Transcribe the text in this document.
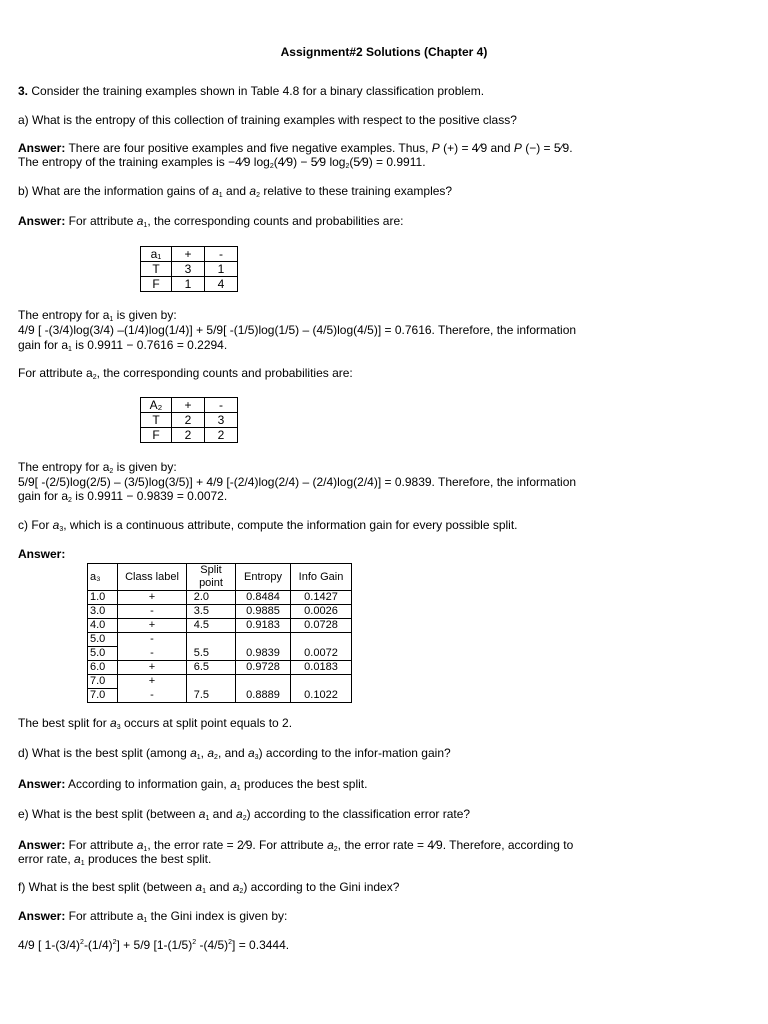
Assignment#2 Solutions (Chapter 4)
3. Consider the training examples shown in Table 4.8 for a binary classification problem.
a) What is the entropy of this collection of training examples with respect to the positive class?
Answer: There are four positive examples and five negative examples. Thus, P (+) = 4⁄9 and P (−) = 5⁄9.
The entropy of the training examples is −4⁄9 $\log_2(4⁄9)$ − 5⁄9 $\log_2(5⁄9) = 0.9911$.
b) What are the information gains of $a_1$ and $a_2$ relative to these training examples?
Answer: For attribute $a_1$, the corresponding counts and probabilities are:
a₁	+	-
T	3	1
F	1	4
The entropy for $a_1$ is given by:
4/9 [ -(3/4)log(3/4) –(1/4)log(1/4)] + 5/9[ -(1/5)log(1/5) – (4/5)log(4/5)] = 0.7616. Therefore, the information
gain for $a_1$ is 0.9911 − 0.7616 = 0.2294.
For attribute $a_2$, the corresponding counts and probabilities are:
A₂	+	-
T	2	3
F	2	2
The entropy for $a_2$ is given by:
5/9[ -(2/5)log(2/5) – (3/5)log(3/5)] + 4/9 [-(2/4)log(2/4) – (2/4)log(2/4)] = 0.9839. Therefore, the information
gain for $a_2$ is 0.9911 − 0.9839 = 0.0072.
c) For $a_3$, which is a continuous attribute, compute the information gain for every possible split.
Answer:
a₃	Class label	Split point	Entropy	Info Gain
1.0	+	2.0	0.8484	0.1427
3.0	-	3.5	0.9885	0.0026
4.0	+	4.5	0.9183	0.0728
5.0	-			
5.0	-	5.5	0.9839	0.0072
6.0	+	6.5	0.9728	0.0183
7.0	+			
7.0	-	7.5	0.8889	0.1022
The best split for $a_3$ occurs at split point equals to 2.
d) What is the best split (among $a_1$, $a_2$, and $a_3$) according to the infor-mation gain?
Answer: According to information gain, $a_1$ produces the best split.
e) What is the best split (between $a_1$ and $a_2$) according to the classification error rate?
Answer: For attribute $a_1$, the error rate = 2⁄9. For attribute $a_2$, the error rate = 4⁄9. Therefore, according to
error rate, $a_1$ produces the best split.
f) What is the best split (between $a_1$ and $a_2$) according to the Gini index?
Answer: For attribute $a_1$ the Gini index is given by:
4/9 [ $1-(3/4)^2-(1/4)^2] + 5/9$ [$1-(1/5)^2$ $-(4/5)^2] = 0.3444$.
